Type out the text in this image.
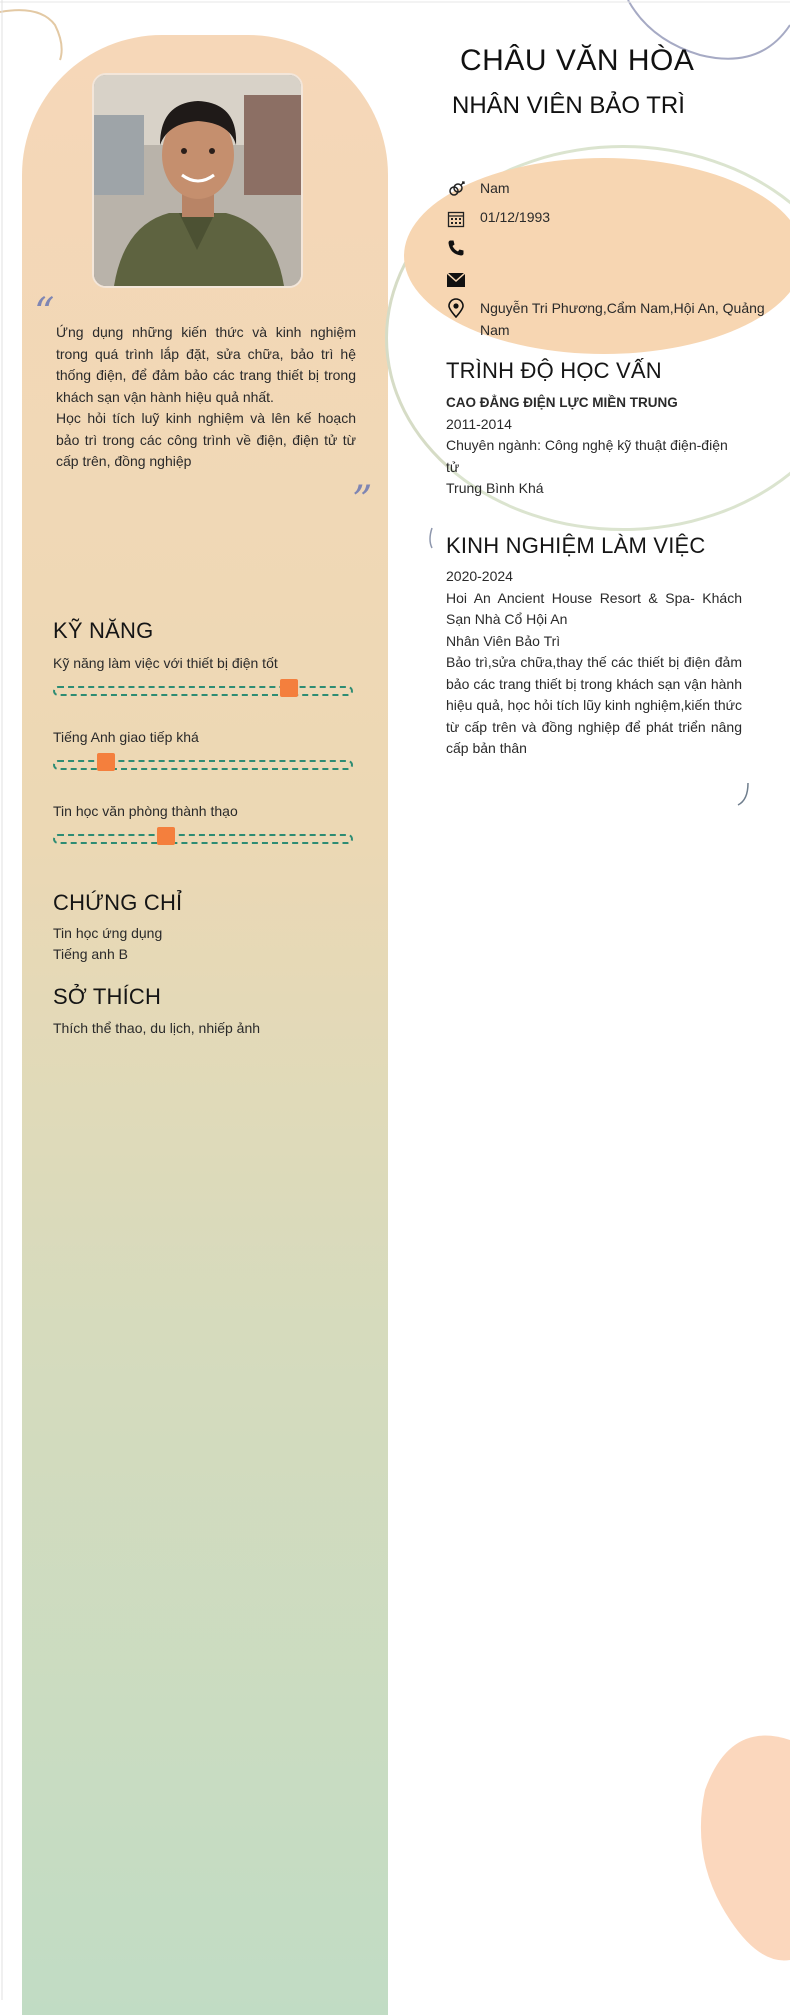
“ Ứng dụng những kiến thức và kinh nghiệm trong quá trình lắp đặt, sửa chữa, bảo trì hệ thống điện, để đảm bảo các trang thiết bị trong khách sạn vận hành hiệu quả nhất.

Học hỏi tích luỹ kinh nghiệm và lên kế hoạch bảo trì trong các công trình về điện, điện tử từ cấp trên, đồng nghiệp

”
KỸ NĂNG
Kỹ năng làm việc với thiết bị điện tốt
Tiếng Anh giao tiếp khá
Tin học văn phòng thành thạo
CHỨNG CHỈ
Tin học ứng dụng
Tiếng anh B
SỞ THÍCH
Thích thể thao, du lịch, nhiếp ảnh
CHÂU VĂN HÒA
NHÂN VIÊN BẢO TRÌ
Nam
01/12/1993
Nguyễn Tri Phương,Cẩm Nam,Hội An, Quảng Nam
TRÌNH ĐỘ HỌC VẤN
CAO ĐẲNG ĐIỆN LỰC MIỀN TRUNG
2011-2014
Chuyên ngành: Công nghệ kỹ thuật điện-điện tử
Trung Bình Khá
KINH NGHIỆM LÀM VIỆC
2020-2024
Hoi An Ancient House Resort & Spa- Khách Sạn Nhà Cổ Hội An
Nhân Viên Bảo Trì
Bảo trì,sửa chữa,thay thế các thiết bị điện đảm bảo các trang thiết bị trong khách sạn vận hành hiệu quả, học hỏi tích lũy kinh nghiệm,kiến thức từ cấp trên và đồng nghiệp để phát triển nâng cấp bản thân
